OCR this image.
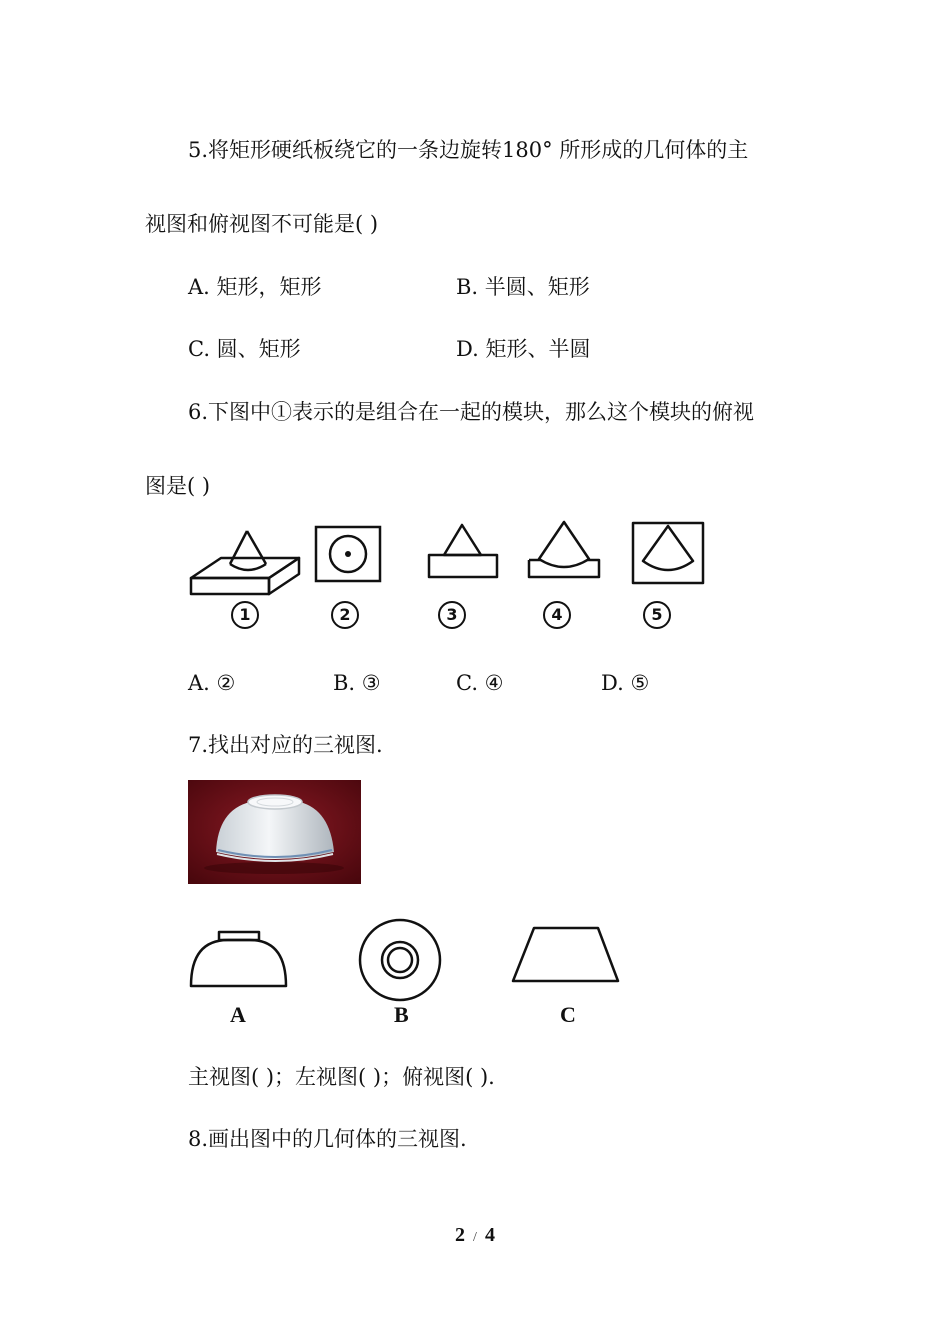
5.将矩形硬纸板绕它的一条边旋转180° 所形成的几何体的主
视图和俯视图不可能是( )
A. 矩形，矩形	B. 半圆、矩形
C. 圆、矩形	D. 矩形、半圆
6.下图中①表示的是组合在一起的模块，那么这个模块的俯视
图是( )
1	2	3	4	5
A. ②	B. ③	C. ④	D. ⑤
7.找出对应的三视图.
A	B	C
主视图( )；左视图( )；俯视图( ).
8.画出图中的几何体的三视图.
2 / 4
